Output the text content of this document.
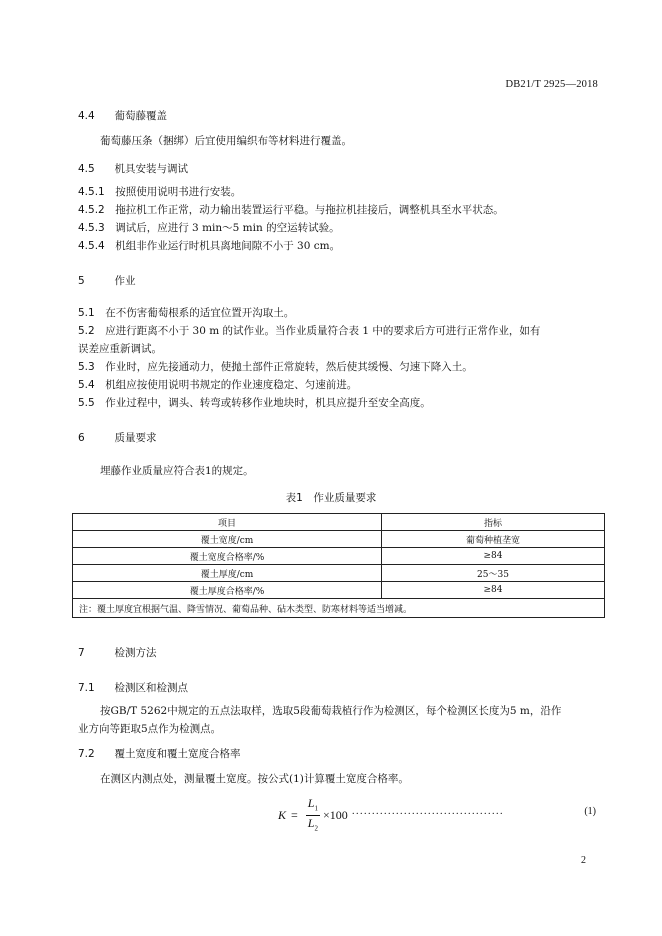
DB21/T 2925—2018
4.4　 葡萄藤覆盖
葡萄藤压条（捆绑）后宜使用编织布等材料进行覆盖。
4.5　 机具安装与调试
4.5.1　 按照使用说明书进行安装。
4.5.2　 拖拉机工作正常，动力输出装置运行平稳。与拖拉机挂接后，调整机具至水平状态。
4.5.3　 调试后，应进行 3 min～5 min 的空运转试验。
4.5.4　 机组非作业运行时机具离地间隙不小于 30 cm。
5　	作业
5.1　 在不伤害葡萄根系的适宜位置开沟取土。
5.2　 应进行距离不小于 30 m 的试作业。当作业质量符合表 1 中的要求后方可进行正常作业，如有
误差应重新调试。
5.3　 作业时，应先接通动力，使抛土部件正常旋转，然后使其缓慢、匀速下降入土。
5.4　 机组应按使用说明书规定的作业速度稳定、匀速前进。
5.5　 作业过程中，调头、转弯或转移作业地块时，机具应提升至安全高度。
6　	质量要求
埋藤作业质量应符合表1的规定。
表1　作业质量要求
项目	指标
覆土宽度/cm	葡萄种植垄宽
覆土宽度合格率/%	≥84
覆土厚度/cm	25～35
覆土厚度合格率/%	≥84
注：覆土厚度宜根据气温、降雪情况、葡萄品种、砧木类型、防寒材料等适当增减。	
7　	检测方法
7.1　 检测区和检测点
按GB/T 5262中规定的五点法取样，选取5段葡萄栽植行作为检测区，每个检测区长度为5 m，沿作
业方向等距取5点作为检测点。
7.2　 覆土宽度和覆土宽度合格率
在测区内测点处，测量覆土宽度。按公式(1)计算覆土宽度合格率。
$K = \frac{L_1}{L_2} \times 100$ ......................................	(1)
2
